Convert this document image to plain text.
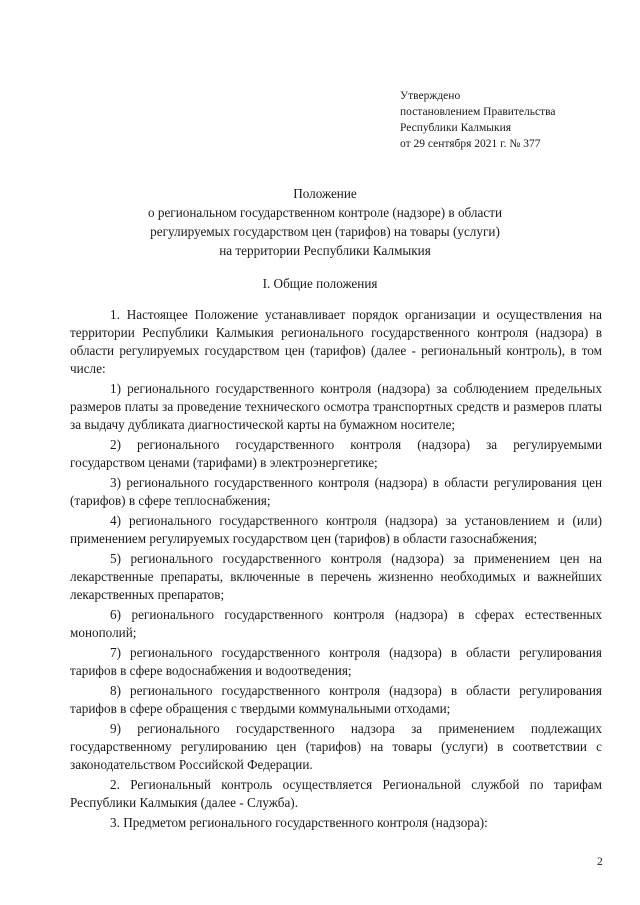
Утверждено
постановлением Правительства
Республики Калмыкия
от 29 сентября 2021 г. № 377
Положение
о региональном государственном контроле (надзоре) в области
регулируемых государством цен (тарифов) на товары (услуги)
на территории Республики Калмыкия
I. Общие положения

1. Настоящее Положение устанавливает порядок организации и осуществления на территории Республики Калмыкия регионального государственного контроля (надзора) в области регулируемых государством цен (тарифов) (далее - региональный контроль), в том числе:

1) регионального государственного контроля (надзора) за соблюдением предельных размеров платы за проведение технического осмотра транспортных средств и размеров платы за выдачу дубликата диагностической карты на бумажном носителе;

2) регионального государственного контроля (надзора) за регулируемыми государством ценами (тарифами) в электроэнергетике;

3) регионального государственного контроля (надзора) в области регулирования цен (тарифов) в сфере теплоснабжения;

4) регионального государственного контроля (надзора) за установлением и (или) применением регулируемых государством цен (тарифов) в области газоснабжения;

5) регионального государственного контроля (надзора) за применением цен на лекарственные препараты, включенные в перечень жизненно необходимых и важнейших лекарственных препаратов;

6) регионального государственного контроля (надзора) в сферах естественных монополий;

7) регионального государственного контроля (надзора) в области регулирования тарифов в сфере водоснабжения и водоотведения;

8) регионального государственного контроля (надзора) в области регулирования тарифов в сфере обращения с твердыми коммунальными отходами;

9) регионального государственного надзора за применением подлежащих государственному регулированию цен (тарифов) на товары (услуги) в соответствии с законодательством Российской Федерации.

2. Региональный контроль осуществляется Региональной службой по тарифам Республики Калмыкия (далее - Служба).

3. Предметом регионального государственного контроля (надзора):

2
